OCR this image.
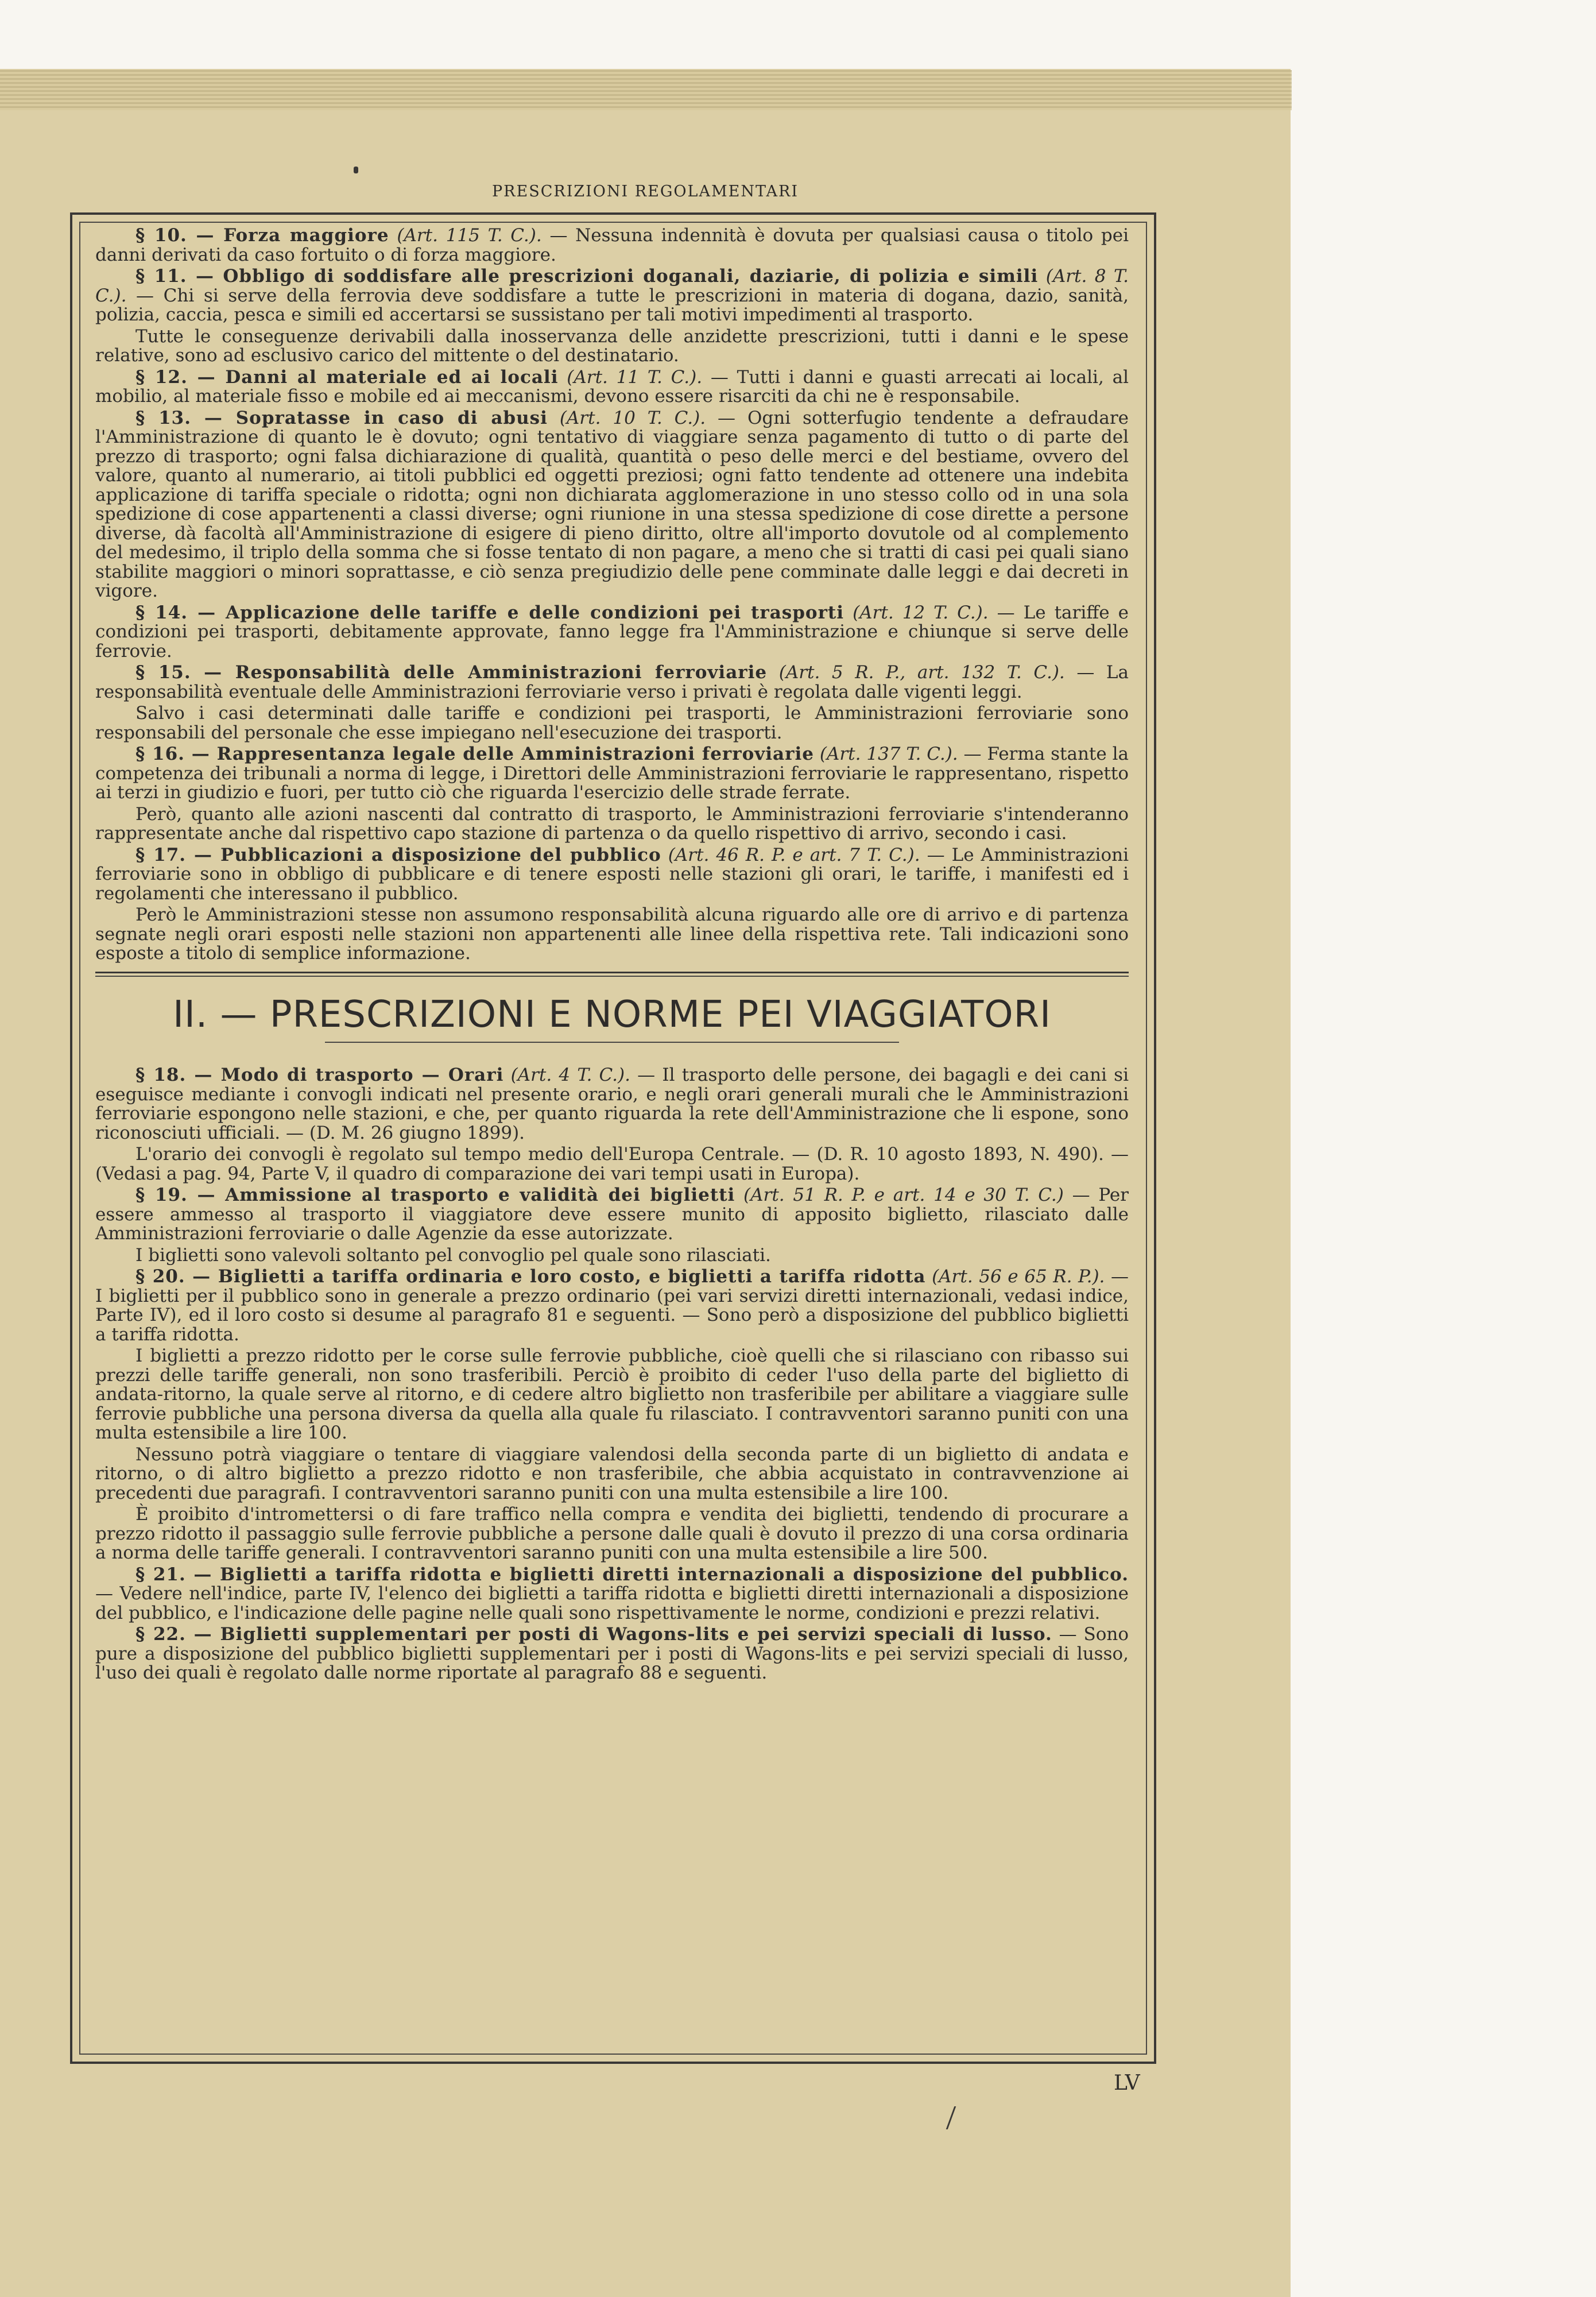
PRESCRIZIONI REGOLAMENTARI

§ 10. — Forza maggiore (Art. 115 T. C.). — Nessuna indennità è dovuta per qualsiasi causa o titolo pei danni derivati da caso fortuito o di forza maggiore.

§ 11. — Obbligo di soddisfare alle prescrizioni doganali, daziarie, di polizia e simili (Art. 8 T. C.). — Chi si serve della ferrovia deve soddisfare a tutte le prescrizioni in materia di dogana, dazio, sanità, polizia, caccia, pesca e simili ed accertarsi se sussistano per tali motivi impedimenti al trasporto.

Tutte le conseguenze derivabili dalla inosservanza delle anzidette prescrizioni, tutti i danni e le spese relative, sono ad esclusivo carico del mittente o del destinatario.

§ 12. — Danni al materiale ed ai locali (Art. 11 T. C.). — Tutti i danni e guasti arrecati ai locali, al mobilio, al materiale fisso e mobile ed ai meccanismi, devono essere risarciti da chi ne è responsabile.

§ 13. — Sopratasse in caso di abusi (Art. 10 T. C.). — Ogni sotterfugio tendente a defraudare l'Amministrazione di quanto le è dovuto; ogni tentativo di viaggiare senza pagamento di tutto o di parte del prezzo di trasporto; ogni falsa dichiarazione di qualità, quantità o peso delle merci e del bestiame, ovvero del valore, quanto al numerario, ai titoli pubblici ed oggetti preziosi; ogni fatto tendente ad ottenere una indebita applicazione di tariffa speciale o ridotta; ogni non dichiarata agglomerazione in uno stesso collo od in una sola spedizione di cose appartenenti a classi diverse; ogni riunione in una stessa spedizione di cose dirette a persone diverse, dà facoltà all'Amministrazione di esigere di pieno diritto, oltre all'importo dovutole od al complemento del medesimo, il triplo della somma che si fosse tentato di non pagare, a meno che si tratti di casi pei quali siano stabilite maggiori o minori soprattasse, e ciò senza pregiudizio delle pene comminate dalle leggi e dai decreti in vigore.

§ 14. — Applicazione delle tariffe e delle condizioni pei trasporti (Art. 12 T. C.). — Le tariffe e condizioni pei trasporti, debitamente approvate, fanno legge fra l'Amministrazione e chiunque si serve delle ferrovie.

§ 15. — Responsabilità delle Amministrazioni ferroviarie (Art. 5 R. P., art. 132 T. C.). — La responsabilità eventuale delle Amministrazioni ferroviarie verso i privati è regolata dalle vigenti leggi.

Salvo i casi determinati dalle tariffe e condizioni pei trasporti, le Amministrazioni ferroviarie sono responsabili del personale che esse impiegano nell'esecuzione dei trasporti.

§ 16. — Rappresentanza legale delle Amministrazioni ferroviarie (Art. 137 T. C.). — Ferma stante la competenza dei tribunali a norma di legge, i Direttori delle Amministrazioni ferroviarie le rappresentano, rispetto ai terzi in giudizio e fuori, per tutto ciò che riguarda l'esercizio delle strade ferrate.

Però, quanto alle azioni nascenti dal contratto di trasporto, le Amministrazioni ferroviarie s'intenderanno rappresentate anche dal rispettivo capo stazione di partenza o da quello rispettivo di arrivo, secondo i casi.

§ 17. — Pubblicazioni a disposizione del pubblico (Art. 46 R. P. e art. 7 T. C.). — Le Amministrazioni ferroviarie sono in obbligo di pubblicare e di tenere esposti nelle stazioni gli orari, le tariffe, i manifesti ed i regolamenti che interessano il pubblico.

Però le Amministrazioni stesse non assumono responsabilità alcuna riguardo alle ore di arrivo e di partenza segnate negli orari esposti nelle stazioni non appartenenti alle linee della rispettiva rete. Tali indicazioni sono esposte a titolo di semplice informazione.

II. — PRESCRIZIONI E NORME PEI VIAGGIATORI

§ 18. — Modo di trasporto — Orari (Art. 4 T. C.). — Il trasporto delle persone, dei bagagli e dei cani si eseguisce mediante i convogli indicati nel presente orario, e negli orari generali murali che le Amministrazioni ferroviarie espongono nelle stazioni, e che, per quanto riguarda la rete dell'Amministrazione che li espone, sono riconosciuti ufficiali. — (D. M. 26 giugno 1899).

L'orario dei convogli è regolato sul tempo medio dell'Europa Centrale. — (D. R. 10 agosto 1893, N. 490). — (Vedasi a pag. 94, Parte V, il quadro di comparazione dei vari tempi usati in Europa).

§ 19. — Ammissione al trasporto e validità dei biglietti (Art. 51 R. P. e art. 14 e 30 T. C.) — Per essere ammesso al trasporto il viaggiatore deve essere munito di apposito biglietto, rilasciato dalle Amministrazioni ferroviarie o dalle Agenzie da esse autorizzate.

I biglietti sono valevoli soltanto pel convoglio pel quale sono rilasciati.

§ 20. — Biglietti a tariffa ordinaria e loro costo, e biglietti a tariffa ridotta (Art. 56 e 65 R. P.). — I biglietti per il pubblico sono in generale a prezzo ordinario (pei vari servizi diretti internazionali, vedasi indice, Parte IV), ed il loro costo si desume al paragrafo 81 e seguenti. — Sono però a disposizione del pubblico biglietti a tariffa ridotta.

I biglietti a prezzo ridotto per le corse sulle ferrovie pubbliche, cioè quelli che si rilasciano con ribasso sui prezzi delle tariffe generali, non sono trasferibili. Perciò è proibito di ceder l'uso della parte del biglietto di andata-ritorno, la quale serve al ritorno, e di cedere altro biglietto non trasferibile per abilitare a viaggiare sulle ferrovie pubbliche una persona diversa da quella alla quale fu rilasciato. I contravventori saranno puniti con una multa estensibile a lire 100.

Nessuno potrà viaggiare o tentare di viaggiare valendosi della seconda parte di un biglietto di andata e ritorno, o di altro biglietto a prezzo ridotto e non trasferibile, che abbia acquistato in contravvenzione ai precedenti due paragrafi. I contravventori saranno puniti con una multa estensibile a lire 100.

È proibito d'intromettersi o di fare traffico nella compra e vendita dei biglietti, tendendo di procurare a prezzo ridotto il passaggio sulle ferrovie pubbliche a persone dalle quali è dovuto il prezzo di una corsa ordinaria a norma delle tariffe generali. I contravventori saranno puniti con una multa estensibile a lire 500.

§ 21. — Biglietti a tariffa ridotta e biglietti diretti internazionali a disposizione del pubblico. — Vedere nell'indice, parte IV, l'elenco dei biglietti a tariffa ridotta e biglietti diretti internazionali a disposizione del pubblico, e l'indicazione delle pagine nelle quali sono rispettivamente le norme, condizioni e prezzi relativi.

§ 22. — Biglietti supplementari per posti di Wagons-lits e pei servizi speciali di lusso. — Sono pure a disposizione del pubblico biglietti supplementari per i posti di Wagons-lits e pei servizi speciali di lusso, l'uso dei quali è regolato dalle norme riportate al paragrafo 88 e seguenti.

LV
